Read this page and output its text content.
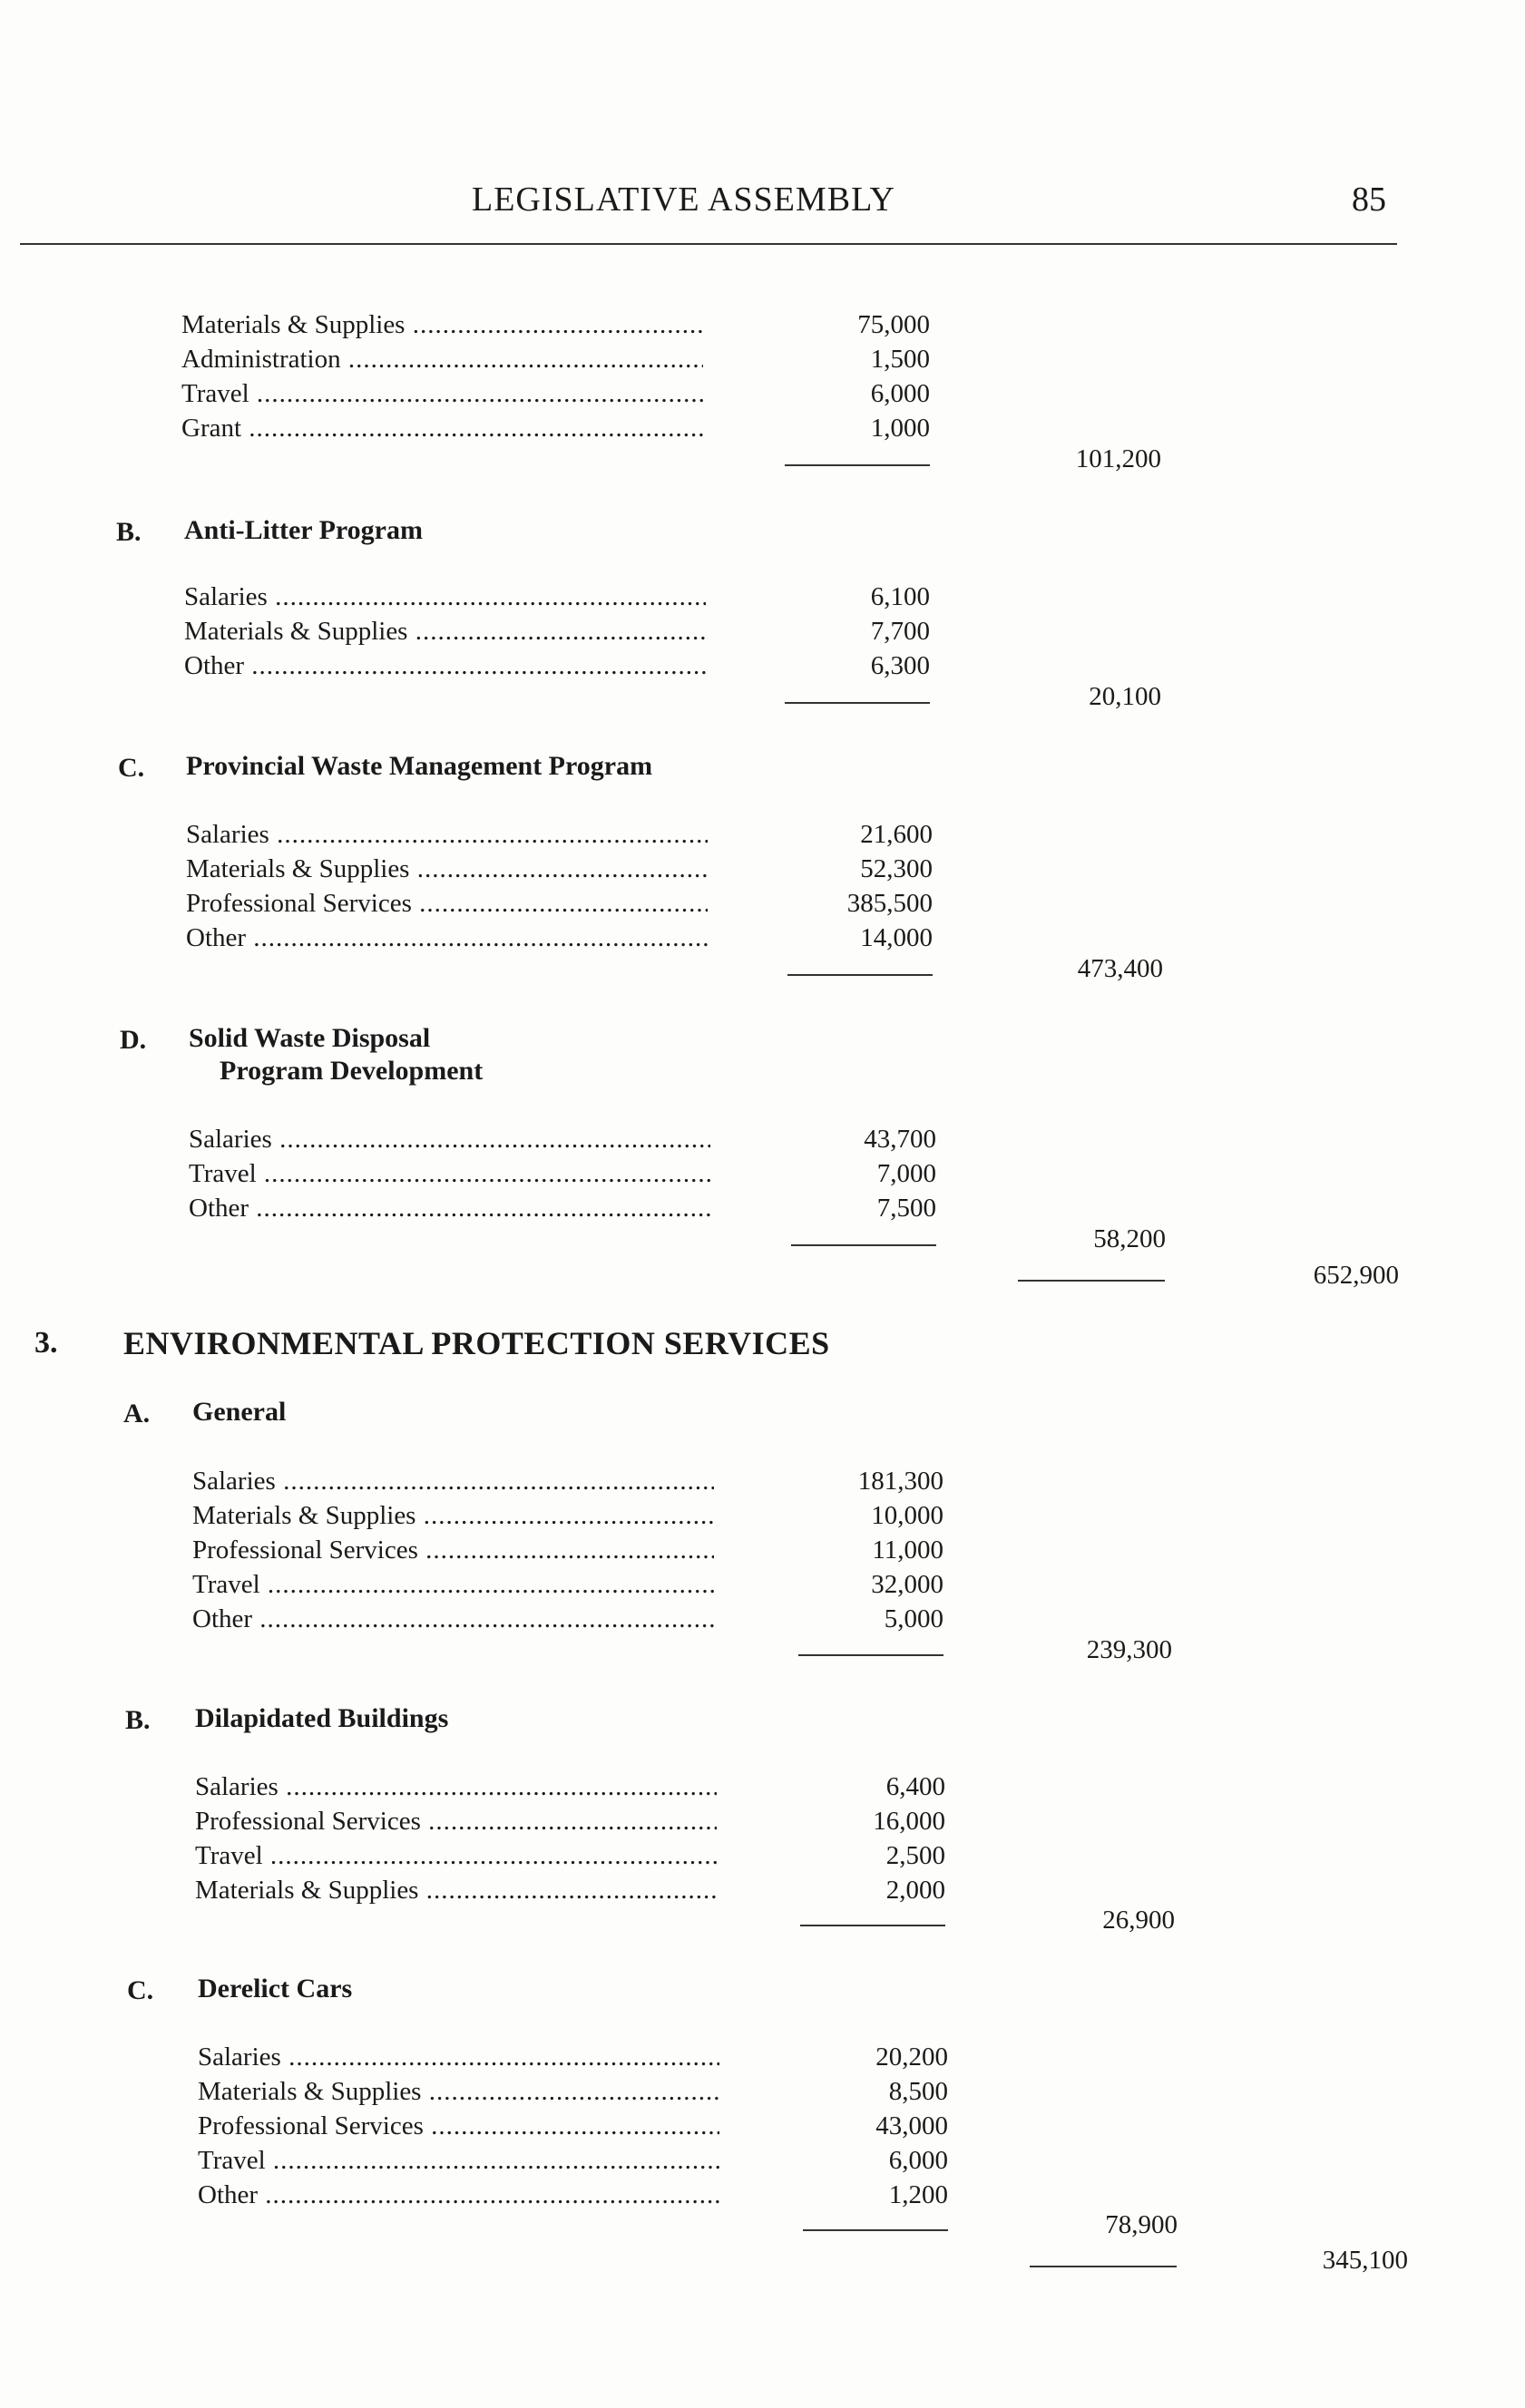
LEGISLATIVE ASSEMBLY	85
Materials & Supplies .....	75,000
Administration .....	1,500
Travel .....	6,000
Grant .....	1,000
101,200
B. Anti-Litter Program
Salaries .....	6,100
Materials & Supplies .....	7,700
Other .....	6,300
20,100
C. Provincial Waste Management Program
Salaries .....	21,600
Materials & Supplies .....	52,300
Professional Services .....	385,500
Other .....	14,000
473,400
D. Solid Waste Disposal
Program Development
Salaries .....	43,700
Travel .....	7,000
Other .....	7,500
58,200
652,900
3. ENVIRONMENTAL PROTECTION SERVICES
A. General
Salaries .....	181,300
Materials & Supplies .....	10,000
Professional Services .....	11,000
Travel .....	32,000
Other .....	5,000
239,300
B. Dilapidated Buildings
Salaries .....	6,400
Professional Services .....	16,000
Travel .....	2,500
Materials & Supplies .....	2,000
26,900
C. Derelict Cars
Salaries .....	20,200
Materials & Supplies .....	8,500
Professional Services .....	43,000
Travel .....	6,000
Other .....	1,200
78,900
345,100
